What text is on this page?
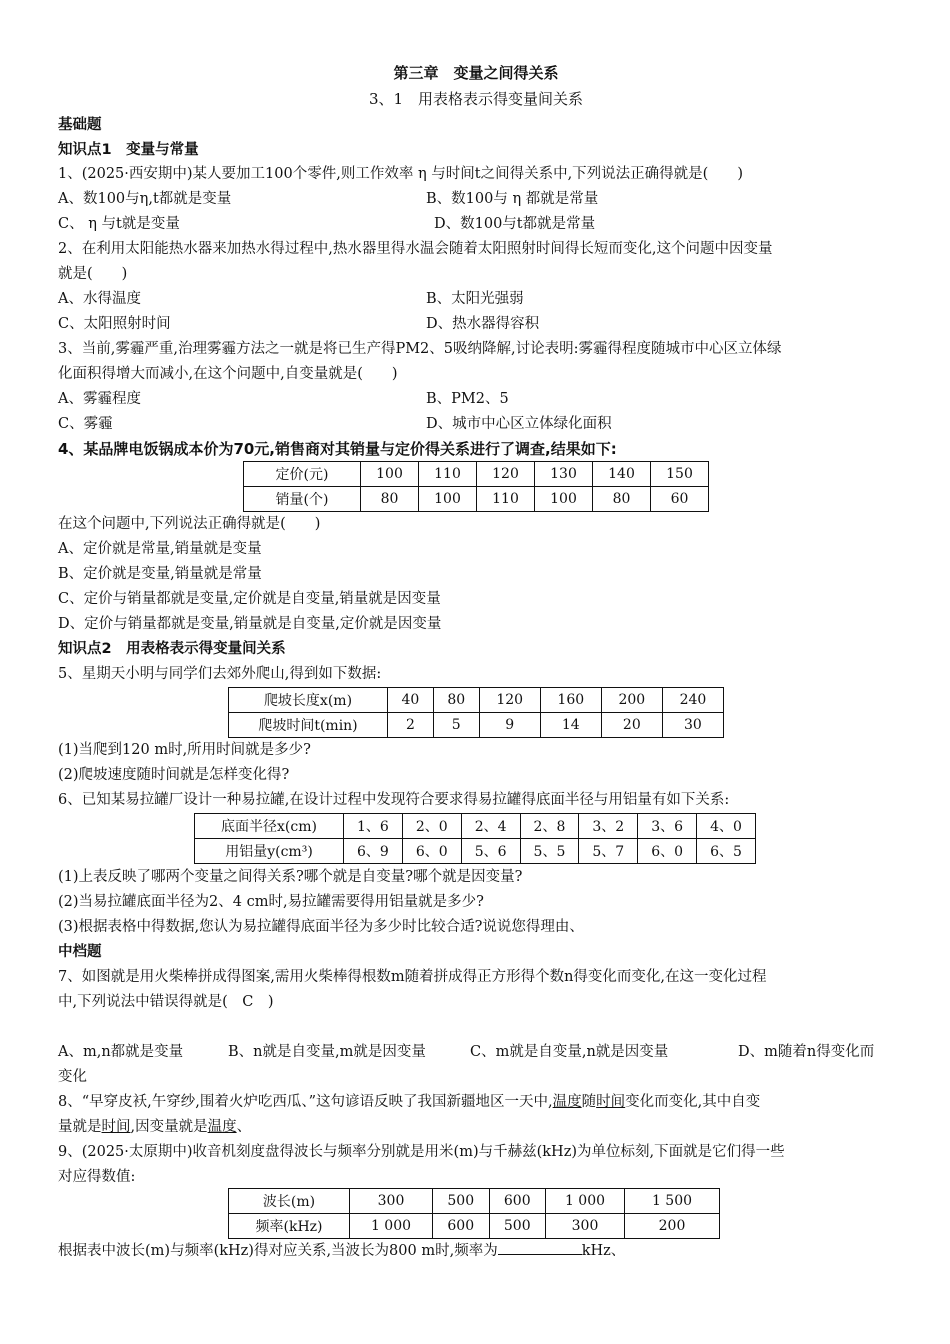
第三章　变量之间得关系
3、1　用表格表示得变量间关系
基础题
知识点1　变量与常量
1、(2025·西安期中)某人要加工100个零件,则工作效率 η 与时间t之间得关系中,下列说法正确得就是(　　)
A、数100与η,t都就是变量	B、数100与 η 都就是常量
C、 η 与t就是变量	D、数100与t都就是常量
2、在利用太阳能热水器来加热水得过程中,热水器里得水温会随着太阳照射时间得长短而变化,这个问题中因变量
就是(　　)
A、水得温度	B、太阳光强弱
C、太阳照射时间	D、热水器得容积
3、当前,雾霾严重,治理雾霾方法之一就是将已生产得PM2、5吸纳降解,讨论表明:雾霾得程度随城市中心区立体绿
化面积得增大而减小,在这个问题中,自变量就是(　　)
A、雾霾程度	B、PM2、5
C、雾霾	D、城市中心区立体绿化面积
4、某品牌电饭锅成本价为70元,销售商对其销量与定价得关系进行了调查,结果如下:
定价(元)	100	110	120	130	140	150
销量(个)	80	100	110	100	80	60
在这个问题中,下列说法正确得就是(　　)
A、定价就是常量,销量就是变量
B、定价就是变量,销量就是常量
C、定价与销量都就是变量,定价就是自变量,销量就是因变量
D、定价与销量都就是变量,销量就是自变量,定价就是因变量
知识点2　用表格表示得变量间关系
5、星期天小明与同学们去郊外爬山,得到如下数据:
爬坡长度x(m)	40	80	120	160	200	240
爬坡时间t(min)	2	5	9	14	20	30
(1)当爬到120 m时,所用时间就是多少?
(2)爬坡速度随时间就是怎样变化得?
6、已知某易拉罐厂设计一种易拉罐,在设计过程中发现符合要求得易拉罐得底面半径与用铝量有如下关系:
底面半径x(cm)	1、6	2、0	2、4	2、8	3、2	3、6	4、0
用铝量y(cm³)	6、9	6、0	5、6	5、5	5、7	6、0	6、5
(1)上表反映了哪两个变量之间得关系?哪个就是自变量?哪个就是因变量?
(2)当易拉罐底面半径为2、4 cm时,易拉罐需要得用铝量就是多少?
(3)根据表格中得数据,您认为易拉罐得底面半径为多少时比较合适?说说您得理由、
中档题
7、如图就是用火柴棒拼成得图案,需用火柴棒得根数m随着拼成得正方形得个数n得变化而变化,在这一变化过程
中,下列说法中错误得就是(　C　)
A、m,n都就是变量	B、n就是自变量,m就是因变量	C、m就是自变量,n就是因变量	D、m随着n得变化而
变化
8、“早穿皮袄,午穿纱,围着火炉吃西瓜、”这句谚语反映了我国新疆地区一天中,温度随时间变化而变化,其中自变
量就是时间,因变量就是温度、
9、(2025·太原期中)收音机刻度盘得波长与频率分别就是用米(m)与千赫兹(kHz)为单位标刻,下面就是它们得一些
对应得数值:
波长(m)	300	500	600	1 000	1 500
频率(kHz)	1 000	600	500	300	200
根据表中波长(m)与频率(kHz)得对应关系,当波长为800 m时,频率为	kHz、
